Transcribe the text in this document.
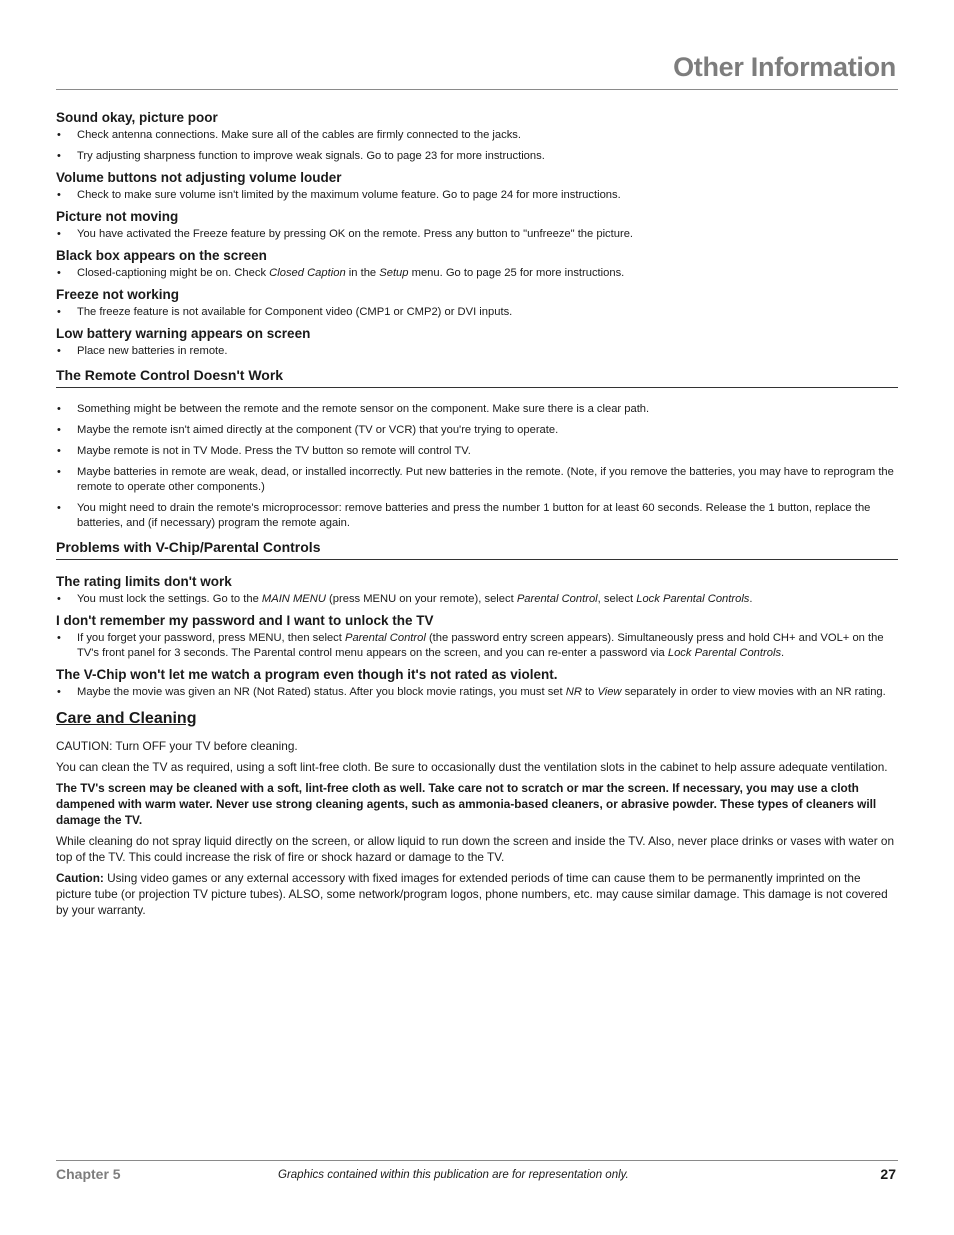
Other Information
Sound okay, picture poor
• Check antenna connections. Make sure all of the cables are firmly connected to the jacks.
• Try adjusting sharpness function to improve weak signals. Go to page 23 for more instructions.
Volume buttons not adjusting volume louder
• Check to make sure volume isn't limited by the maximum volume feature. Go to page 24 for more instructions.
Picture not moving
• You have activated the Freeze feature by pressing OK on the remote. Press any button to "unfreeze" the picture.
Black box appears on the screen
• Closed-captioning might be on. Check Closed Caption in the Setup menu. Go to page 25 for more instructions.
Freeze not working
• The freeze feature is not available for Component video (CMP1 or CMP2) or DVI inputs.
Low battery warning appears on screen
• Place new batteries in remote.
The Remote Control Doesn't Work
• Something might be between the remote and the remote sensor on the component. Make sure there is a clear path.
• Maybe the remote isn't aimed directly at the component (TV or VCR) that you're trying to operate.
• Maybe remote is not in TV Mode. Press the TV button so remote will control TV.
• Maybe batteries in remote are weak, dead, or installed incorrectly. Put new batteries in the remote. (Note, if you remove the batteries, you may have to reprogram the remote to operate other components.)
• You might need to drain the remote's microprocessor: remove batteries and press the number 1 button for at least 60 seconds. Release the 1 button, replace the batteries, and (if necessary) program the remote again.
Problems with V-Chip/Parental Controls
The rating limits don't work
• You must lock the settings. Go to the MAIN MENU (press MENU on your remote), select Parental Control, select Lock Parental Controls.
I don't remember my password and I want to unlock the TV
• If you forget your password, press MENU, then select Parental Control (the password entry screen appears). Simultaneously press and hold CH+ and VOL+ on the TV's front panel for 3 seconds. The Parental control menu appears on the screen, and you can re-enter a password via Lock Parental Controls.
The V-Chip won't let me watch a program even though it's not rated as violent.
• Maybe the movie was given an NR (Not Rated) status. After you block movie ratings, you must set NR to View separately in order to view movies with an NR rating.
Care and Cleaning

CAUTION: Turn OFF your TV before cleaning.

You can clean the TV as required, using a soft lint-free cloth. Be sure to occasionally dust the ventilation slots in the cabinet to help assure adequate ventilation.

The TV's screen may be cleaned with a soft, lint-free cloth as well. Take care not to scratch or mar the screen. If necessary, you may use a cloth dampened with warm water. Never use strong cleaning agents, such as ammonia-based cleaners, or abrasive powder. These types of cleaners will damage the TV.

While cleaning do not spray liquid directly on the screen, or allow liquid to run down the screen and inside the TV. Also, never place drinks or vases with water on top of the TV. This could increase the risk of fire or shock hazard or damage to the TV.

Caution: Using video games or any external accessory with fixed images for extended periods of time can cause them to be permanently imprinted on the picture tube (or projection TV picture tubes). ALSO, some network/program logos, phone numbers, etc. may cause similar damage. This damage is not covered by your warranty.

Chapter 5	Graphics contained within this publication are for representation only.	27
